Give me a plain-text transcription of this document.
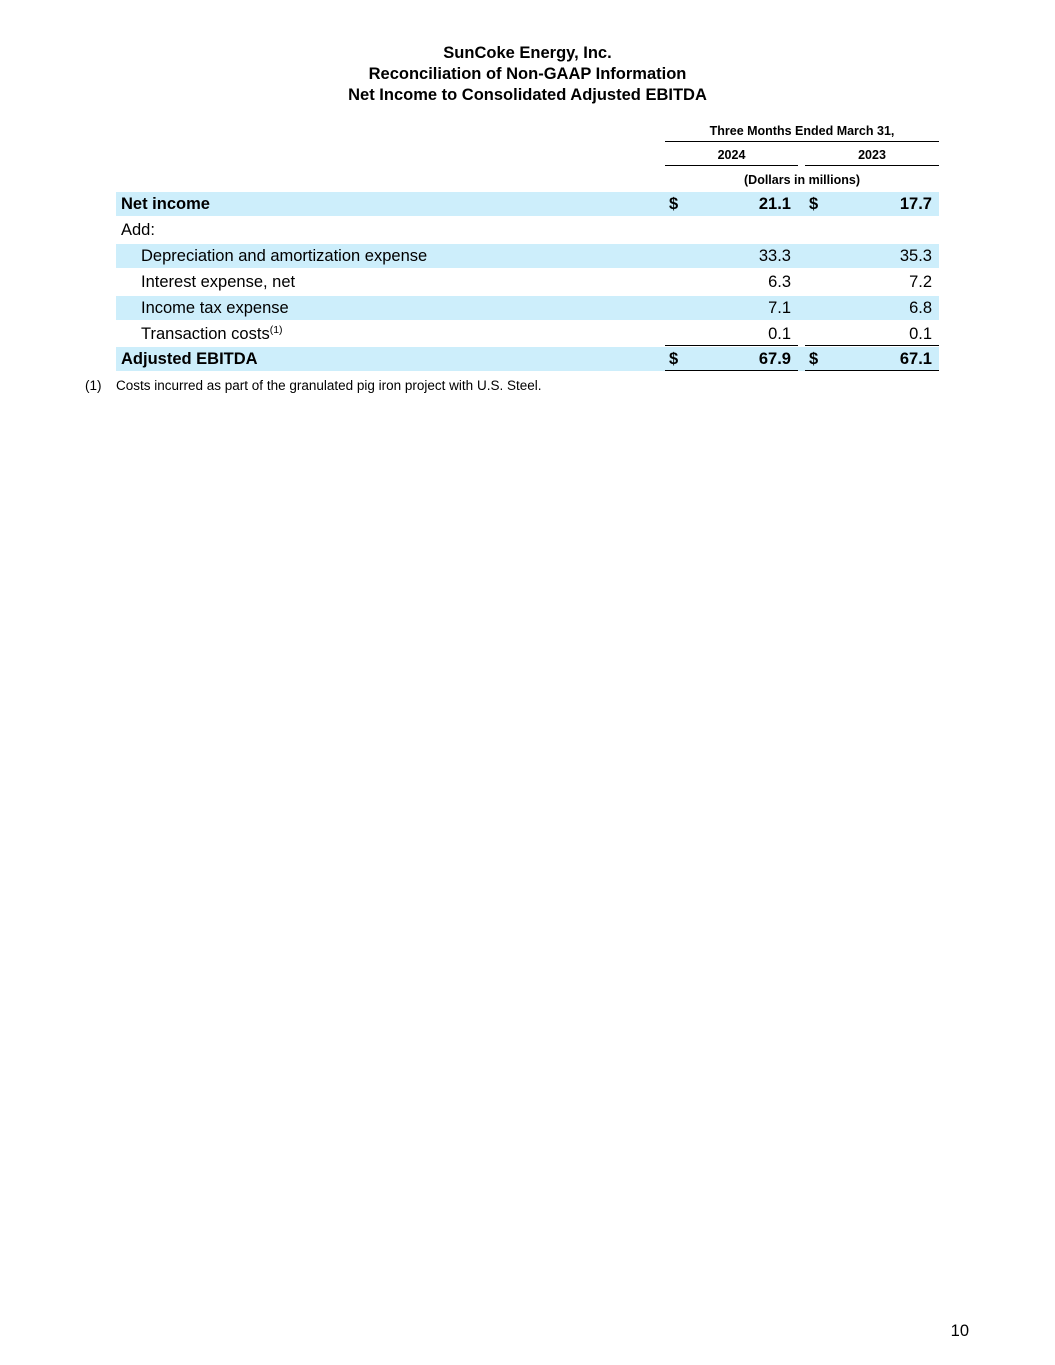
SunCoke Energy, Inc.
Reconciliation of Non-GAAP Information
Net Income to Consolidated Adjusted EBITDA
Three Months Ended March 31,
2024	2023
(Dollars in millions)
Net income	$	21.1 $	17.7
Add:
Depreciation and amortization expense	33.3	35.3
Interest expense, net	6.3	7.2
Income tax expense	7.1	6.8
Transaction costs$^{(1)}$	0.1	0.1
Adjusted EBITDA	$	67.9 $	67.1
(1) Costs incurred as part of the granulated pig iron project with U.S. Steel.
10
